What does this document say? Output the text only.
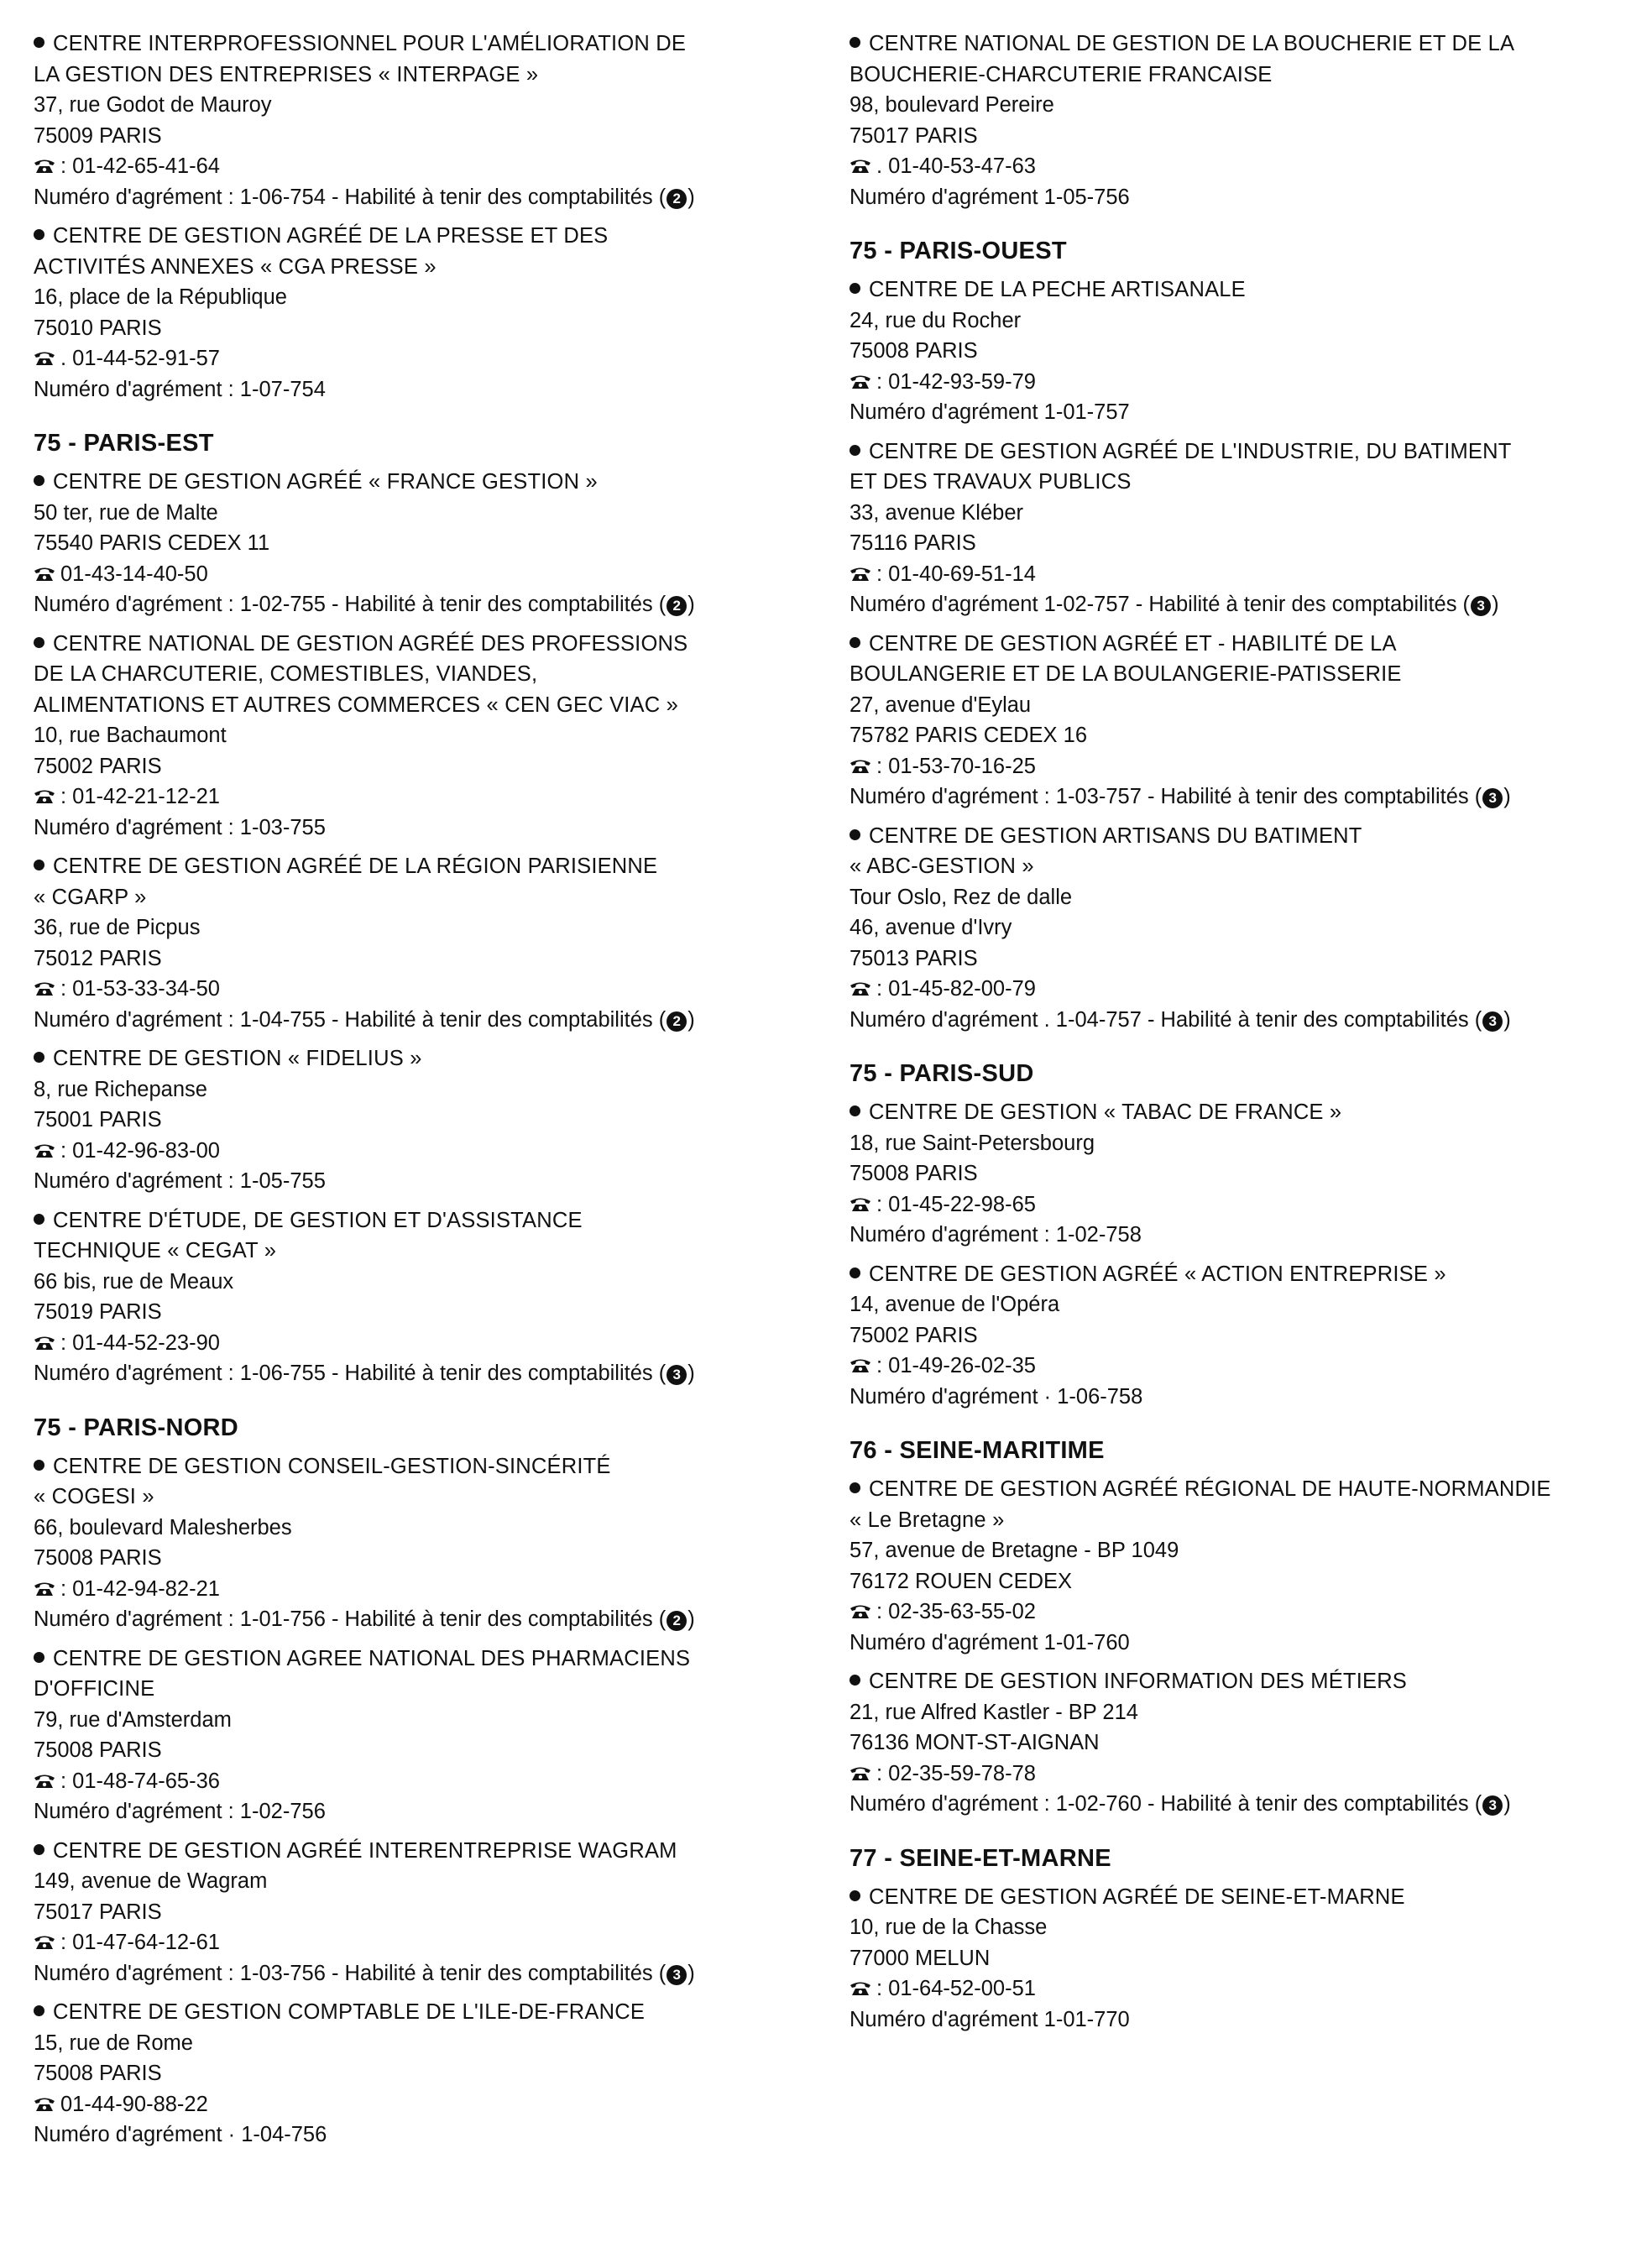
CENTRE INTERPROFESSIONNEL POUR L'AMÉLIORATION DE
LA GESTION DES ENTREPRISES « INTERPAGE »
37, rue Godot de Mauroy
75009 PARIS
: 01-42-65-41-64
Numéro d'agrément : 1-06-754 - Habilité à tenir des comptabilités ( 2 )
CENTRE DE GESTION AGRÉÉ DE LA PRESSE ET DES
ACTIVITÉS ANNEXES « CGA PRESSE »
16, place de la République
75010 PARIS
. 01-44-52-91-57
Numéro d'agrément : 1-07-754
75 - PARIS-EST
CENTRE DE GESTION AGRÉÉ « FRANCE GESTION »
50 ter, rue de Malte
75540 PARIS CEDEX 11
01-43-14-40-50
Numéro d'agrément : 1-02-755 - Habilité à tenir des comptabilités ( 2 )
CENTRE NATIONAL DE GESTION AGRÉÉ DES PROFESSIONS
DE LA CHARCUTERIE, COMESTIBLES, VIANDES,
ALIMENTATIONS ET AUTRES COMMERCES « CEN GEC VIAC »
10, rue Bachaumont
75002 PARIS
: 01-42-21-12-21
Numéro d'agrément : 1-03-755
CENTRE DE GESTION AGRÉÉ DE LA RÉGION PARISIENNE
« CGARP »
36, rue de Picpus
75012 PARIS
: 01-53-33-34-50
Numéro d'agrément : 1-04-755 - Habilité à tenir des comptabilités ( 2 )
CENTRE DE GESTION « FIDELIUS »
8, rue Richepanse
75001 PARIS
: 01-42-96-83-00
Numéro d'agrément : 1-05-755
CENTRE D'ÉTUDE, DE GESTION ET D'ASSISTANCE
TECHNIQUE « CEGAT »
66 bis, rue de Meaux
75019 PARIS
: 01-44-52-23-90
Numéro d'agrément : 1-06-755 - Habilité à tenir des comptabilités ( 3 )
75 - PARIS-NORD
CENTRE DE GESTION CONSEIL-GESTION-SINCÉRITÉ
« COGESI »
66, boulevard Malesherbes
75008 PARIS
: 01-42-94-82-21
Numéro d'agrément : 1-01-756 - Habilité à tenir des comptabilités ( 2 )
CENTRE DE GESTION AGREE NATIONAL DES PHARMACIENS
D'OFFICINE
79, rue d'Amsterdam
75008 PARIS
: 01-48-74-65-36
Numéro d'agrément : 1-02-756
CENTRE DE GESTION AGRÉÉ INTERENTREPRISE WAGRAM
149, avenue de Wagram
75017 PARIS
: 01-47-64-12-61
Numéro d'agrément : 1-03-756 - Habilité à tenir des comptabilités ( 3 )
CENTRE DE GESTION COMPTABLE DE L'ILE-DE-FRANCE
15, rue de Rome
75008 PARIS
01-44-90-88-22
Numéro d'agrément · 1-04-756
CENTRE NATIONAL DE GESTION DE LA BOUCHERIE ET DE LA
BOUCHERIE-CHARCUTERIE FRANCAISE
98, boulevard Pereire
75017 PARIS
. 01-40-53-47-63
Numéro d'agrément 1-05-756
75 - PARIS-OUEST
CENTRE DE LA PECHE ARTISANALE
24, rue du Rocher
75008 PARIS
: 01-42-93-59-79
Numéro d'agrément 1-01-757
CENTRE DE GESTION AGRÉÉ DE L'INDUSTRIE, DU BATIMENT
ET DES TRAVAUX PUBLICS
33, avenue Kléber
75116 PARIS
: 01-40-69-51-14
Numéro d'agrément 1-02-757 - Habilité à tenir des comptabilités ( 3 )
CENTRE DE GESTION AGRÉÉ ET - HABILITÉ DE LA
BOULANGERIE ET DE LA BOULANGERIE-PATISSERIE
27, avenue d'Eylau
75782 PARIS CEDEX 16
: 01-53-70-16-25
Numéro d'agrément : 1-03-757 - Habilité à tenir des comptabilités ( 3 )
CENTRE DE GESTION ARTISANS DU BATIMENT
« ABC-GESTION »
Tour Oslo, Rez de dalle
46, avenue d'Ivry
75013 PARIS
: 01-45-82-00-79
Numéro d'agrément . 1-04-757 - Habilité à tenir des comptabilités ( 3 )
75 - PARIS-SUD
CENTRE DE GESTION « TABAC DE FRANCE »
18, rue Saint-Petersbourg
75008 PARIS
: 01-45-22-98-65
Numéro d'agrément : 1-02-758
CENTRE DE GESTION AGRÉÉ « ACTION ENTREPRISE »
14, avenue de l'Opéra
75002 PARIS
: 01-49-26-02-35
Numéro d'agrément · 1-06-758
76 - SEINE-MARITIME
CENTRE DE GESTION AGRÉÉ RÉGIONAL DE HAUTE-NORMANDIE
« Le Bretagne »
57, avenue de Bretagne - BP 1049
76172 ROUEN CEDEX
: 02-35-63-55-02
Numéro d'agrément 1-01-760
CENTRE DE GESTION INFORMATION DES MÉTIERS
21, rue Alfred Kastler - BP 214
76136 MONT-ST-AIGNAN
: 02-35-59-78-78
Numéro d'agrément : 1-02-760 - Habilité à tenir des comptabilités ( 3 )
77 - SEINE-ET-MARNE
CENTRE DE GESTION AGRÉÉ DE SEINE-ET-MARNE
10, rue de la Chasse
77000 MELUN
: 01-64-52-00-51
Numéro d'agrément 1-01-770
